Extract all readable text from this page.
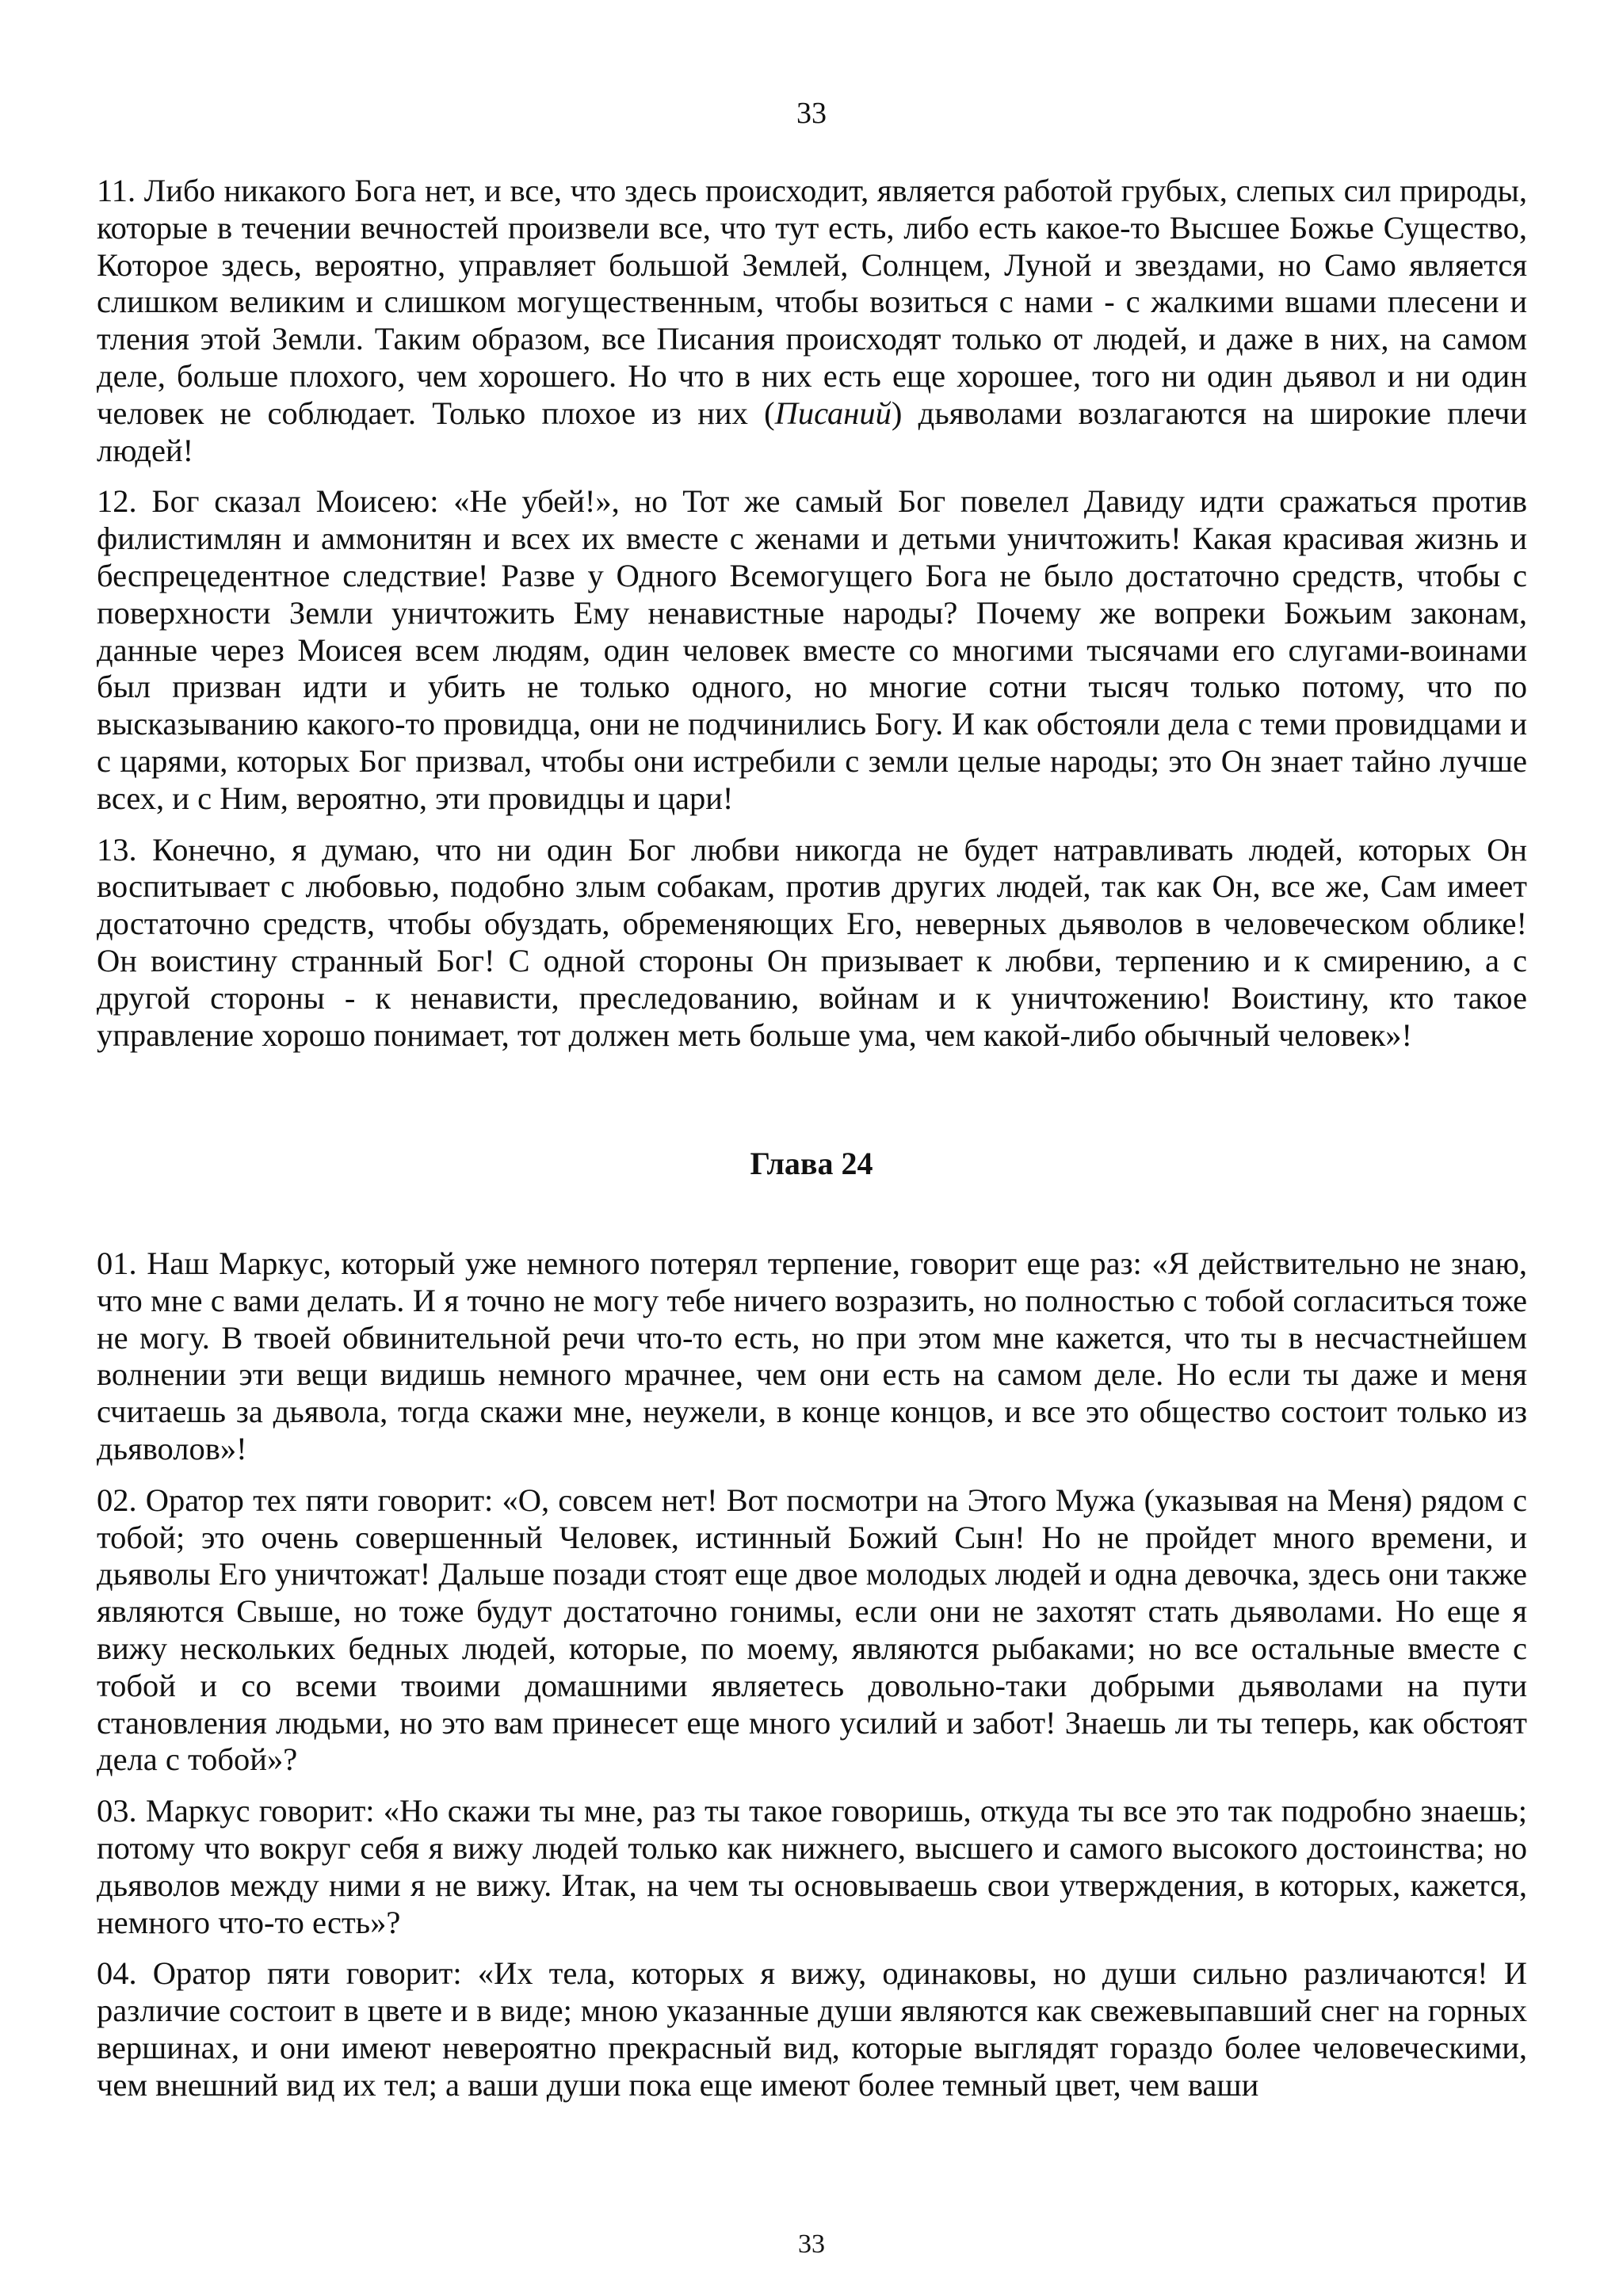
33

11. Либо никакого Бога нет, и все, что здесь происходит, является работой грубых, слепых сил природы, которые в течении вечностей произвели все, что тут есть, либо есть какое-то Высшее Божье Существо, Которое здесь, вероятно, управляет большой Землей, Солнцем, Луной и звездами, но Само является слишком великим и слишком могущественным, чтобы возиться с нами - с жалкими вшами плесени и тления этой Земли. Таким образом, все Писания происходят только от людей, и даже в них, на самом деле, больше плохого, чем хорошего. Но что в них есть еще хорошее, того ни один дьявол и ни один человек не соблюдает. Только плохое из них (Писаний) дьяволами возлагаются на широкие плечи людей!

12. Бог сказал Моисею: «Не убей!», но Тот же самый Бог повелел Давиду идти сражаться против филистимлян и аммонитян и всех их вместе с женами и детьми уничтожить! Какая красивая жизнь и беспрецедентное следствие! Разве у Одного Всемогущего Бога не было достаточно средств, чтобы с поверхности Земли уничтожить Ему ненавистные народы? Почему же вопреки Божьим законам, данные через Моисея всем людям, один человек вместе со многими тысячами его слугами-воинами был призван идти и убить не только одного, но многие сотни тысяч только потому, что по высказыванию какого-то провидца, они не подчинились Богу. И как обстояли дела с теми провидцами и с царями, которых Бог призвал, чтобы они истребили с земли целые народы; это Он знает тайно лучше всех, и с Ним, вероятно, эти провидцы и цари!

13. Конечно, я думаю, что ни один Бог любви никогда не будет натравливать людей, которых Он воспитывает с любовью, подобно злым собакам, против других людей, так как Он, все же, Сам имеет достаточно средств, чтобы обуздать, обременяющих Его, неверных дьяволов в человеческом облике! Он воистину странный Бог! С одной стороны Он призывает к любви, терпению и к смирению, а с другой стороны - к ненависти, преследованию, войнам и к уничтожению! Воистину, кто такое управление хорошо понимает, тот должен меть больше ума, чем какой-либо обычный человек»!

Глава 24

01. Наш Маркус, который уже немного потерял терпение, говорит еще раз: «Я действительно не знаю, что мне с вами делать. И я точно не могу тебе ничего возразить, но полностью с тобой согласиться тоже не могу. В твоей обвинительной речи что-то есть, но при этом мне кажется, что ты в несчастнейшем волнении эти вещи видишь немного мрачнее, чем они есть на самом деле. Но если ты даже и меня считаешь за дьявола, тогда скажи мне, неужели, в конце концов, и все это общество состоит только из дьяволов»!

02. Оратор тех пяти говорит: «О, совсем нет! Вот посмотри на Этого Мужа (указывая на Меня) рядом с тобой; это очень совершенный Человек, истинный Божий Сын! Но не пройдет много времени, и дьяволы Его уничтожат! Дальше позади стоят еще двое молодых людей и одна девочка, здесь они также являются Свыше, но тоже будут достаточно гонимы, если они не захотят стать дьяволами. Но еще я вижу нескольких бедных людей, которые, по моему, являются рыбаками; но все остальные вместе с тобой и со всеми твоими домашними являетесь довольно-таки добрыми дьяволами на пути становления людьми, но это вам принесет еще много усилий и забот! Знаешь ли ты теперь, как обстоят дела с тобой»?

03. Маркус говорит: «Но скажи ты мне, раз ты такое говоришь, откуда ты все это так подробно знаешь; потому что вокруг себя я вижу людей только как нижнего, высшего и самого высокого достоинства; но дьяволов между ними я не вижу. Итак, на чем ты основываешь свои утверждения, в которых, кажется, немного что-то есть»?

04. Оратор пяти говорит: «Их тела, которых я вижу, одинаковы, но души сильно различаются! И различие состоит в цвете и в виде; мною указанные души являются как свежевыпавший снег на горных вершинах, и они имеют невероятно прекрасный вид, которые выглядят гораздо более человеческими, чем внешний вид их тел; а ваши души пока еще имеют более темный цвет, чем ваши

33
